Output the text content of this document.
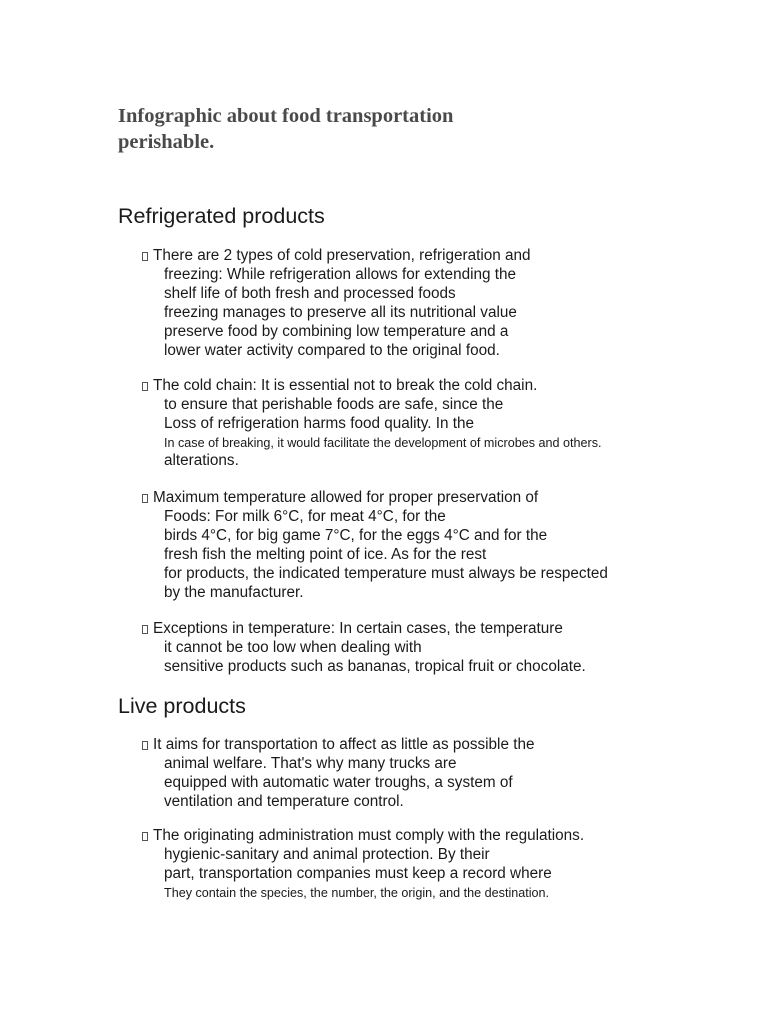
Infographic about food transportation
perishable.
Refrigerated products
There are 2 types of cold preservation, refrigeration and
freezing: While refrigeration allows for extending the
shelf life of both fresh and processed foods
freezing manages to preserve all its nutritional value
preserve food by combining low temperature and a
lower water activity compared to the original food.
The cold chain: It is essential not to break the cold chain.
to ensure that perishable foods are safe, since the
Loss of refrigeration harms food quality. In the
In case of breaking, it would facilitate the development of microbes and others.
alterations.
Maximum temperature allowed for proper preservation of
Foods: For milk 6°C, for meat 4°C, for the
birds 4°C, for big game 7°C, for the eggs 4°C and for the
fresh fish the melting point of ice. As for the rest
for products, the indicated temperature must always be respected
by the manufacturer.
Exceptions in temperature: In certain cases, the temperature
it cannot be too low when dealing with
sensitive products such as bananas, tropical fruit or chocolate.
Live products
It aims for transportation to affect as little as possible the
animal welfare. That's why many trucks are
equipped with automatic water troughs, a system of
ventilation and temperature control.
The originating administration must comply with the regulations.
hygienic-sanitary and animal protection. By their
part, transportation companies must keep a record where
They contain the species, the number, the origin, and the destination.
